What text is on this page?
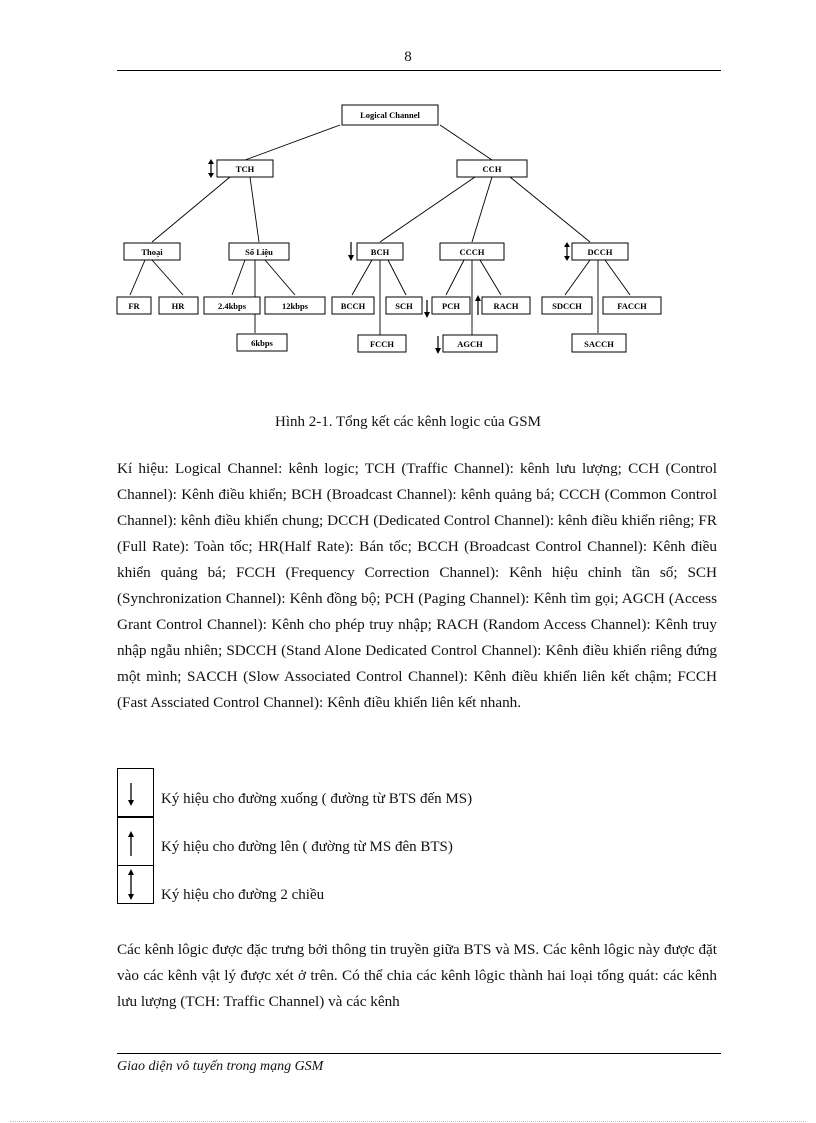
8
Logical Channel
TCH	CCH
Thoại	Số Liệu	BCH	CCCH	DCCH
FR	HR	2.4kbps	12kbps
6kbps
BCCH	SCH
FCCH
PCH	RACH
AGCH
SDCCH	FACCH
SACCH
Hình 2-1. Tổng kết các kênh logic của GSM

Kí hiệu: Logical Channel: kênh logic; TCH (Traffic Channel): kênh lưu lượng; CCH (Control Channel): Kênh điều khiển; BCH (Broadcast Channel): kênh quảng bá; CCCH (Common Control Channel): kênh điều khiển chung; DCCH (Dedicated Control Channel): kênh điều khiển riêng; FR (Full Rate): Toàn tốc; HR(Half Rate): Bán tốc; BCCH (Broadcast Control Channel): Kênh điều khiển quảng bá; FCCH (Frequency Correction Channel): Kênh hiệu chỉnh tần số; SCH (Synchronization Channel): Kênh đồng bộ; PCH (Paging Channel): Kênh tìm gọi; AGCH (Access Grant Control Channel): Kênh cho phép truy nhập; RACH (Random Access Channel): Kênh truy nhập ngẫu nhiên; SDCCH (Stand Alone Dedicated Control Channel): Kênh điều khiển riêng đứng một mình; SACCH (Slow Associated Control Channel): Kênh điều khiển liên kết chậm; FCCH (Fast Assciated Control Channel): Kênh điều khiển liên kết nhanh.

Ký hiệu cho đường xuống ( đường từ BTS đến MS)
Ký hiệu cho đường lên ( đường từ MS đên BTS)
Ký hiệu cho đường 2 chiều

Các kênh lôgic được đặc trưng bởi thông tin truyền giữa BTS và MS. Các kênh lôgic này được đặt vào các kênh vật lý được xét ở trên. Có thể chia các kênh lôgic thành hai loại tổng quát: các kênh lưu lượng (TCH: Traffic Channel) và các kênh

Giao diện vô tuyến trong mạng GSM
